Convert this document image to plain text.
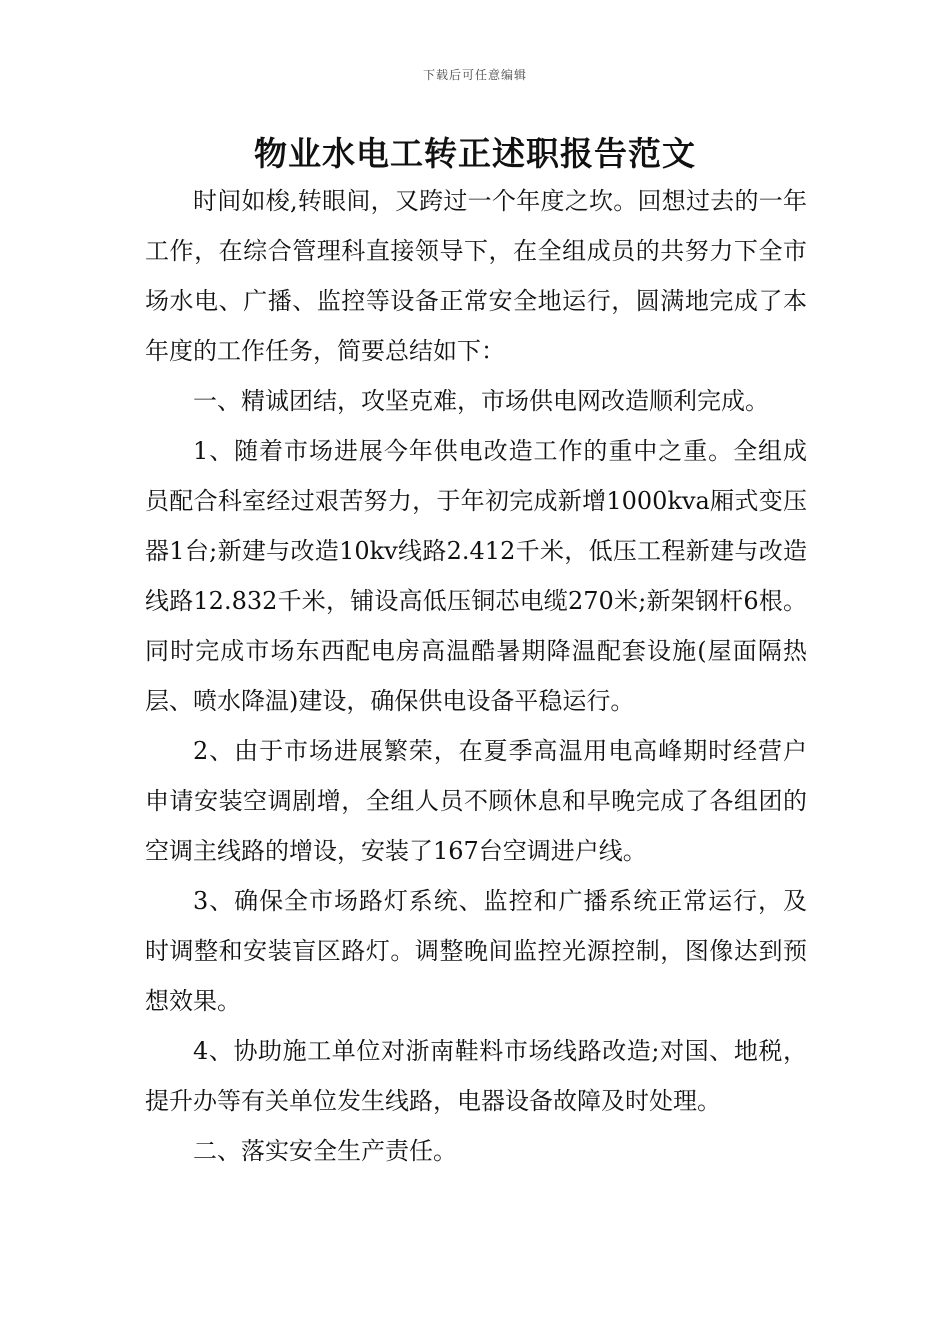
下载后可任意编辑
物业水电工转正述职报告范文

时间如梭,转眼间，又跨过一个年度之坎。回想过去的一年工作，在综合管理科直接领导下，在全组成员的共努力下全市场水电、广播、监控等设备正常安全地运行，圆满地完成了本年度的工作任务，简要总结如下：

一、精诚团结，攻坚克难，市场供电网改造顺利完成。

1、随着市场进展今年供电改造工作的重中之重。全组成员配合科室经过艰苦努力，于年初完成新增1000kva厢式变压器1台;新建与改造10kv线路2.412千米，低压工程新建与改造线路12.832千米，铺设高低压铜芯电缆270米;新架钢杆6根。同时完成市场东西配电房高温酷暑期降温配套设施(屋面隔热层、喷水降温)建设，确保供电设备平稳运行。

2、由于市场进展繁荣，在夏季高温用电高峰期时经营户申请安装空调剧增，全组人员不顾休息和早晚完成了各组团的空调主线路的增设，安装了167台空调进户线。

3、确保全市场路灯系统、监控和广播系统正常运行，及时调整和安装盲区路灯。调整晚间监控光源控制，图像达到预想效果。

4、协助施工单位对浙南鞋料市场线路改造;对国、地税，提升办等有关单位发生线路，电器设备故障及时处理。

二、落实安全生产责任。
